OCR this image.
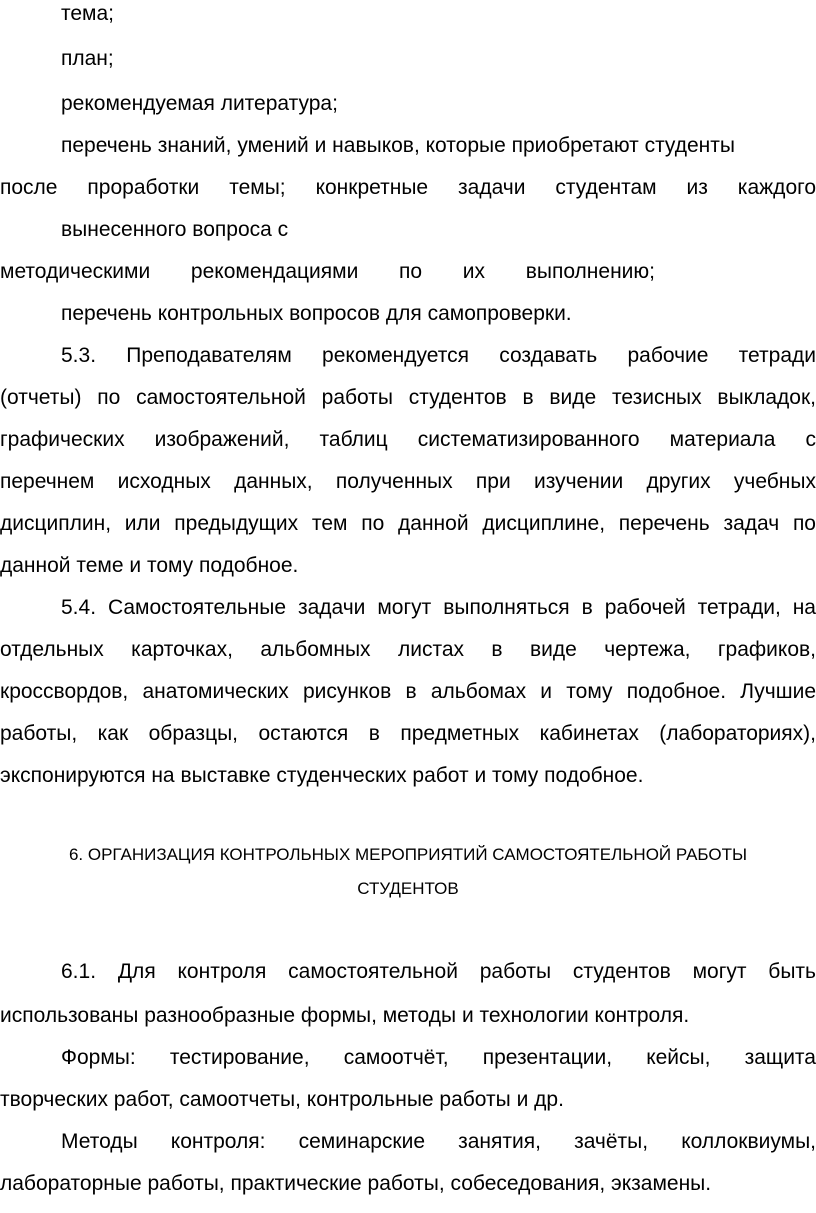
тема;
план;
рекомендуемая литература;
перечень знаний, умений и навыков, которые приобретают студенты
после проработки темы; конкретные задачи студентам из каждого
вынесенного вопроса с
методическими рекомендациями по их выполнению;
перечень контрольных вопросов для самопроверки.
5.3. Преподавателям рекомендуется создавать рабочие тетради
(отчеты) по самостоятельной работы студентов в виде тезисных выкладок,
графических изображений, таблиц систематизированного материала с
перечнем исходных данных, полученных при изучении других учебных
дисциплин, или предыдущих тем по данной дисциплине, перечень задач по
данной теме и тому подобное.
5.4. Самостоятельные задачи могут выполняться в рабочей тетради, на
отдельных карточках, альбомных листах в виде чертежа, графиков,
кроссвордов, анатомических рисунков в альбомах и тому подобное. Лучшие
работы, как образцы, остаются в предметных кабинетах (лабораториях),
экспонируются на выставке студенческих работ и тому подобное.
6. ОРГАНИЗАЦИЯ КОНТРОЛЬНЫХ МЕРОПРИЯТИЙ САМОСТОЯТЕЛЬНОЙ РАБОТЫ
СТУДЕНТОВ
6.1. Для контроля самостоятельной работы студентов могут быть
использованы разнообразные формы, методы и технологии контроля.
Формы: тестирование, самоотчёт, презентации, кейсы, защита
творческих работ, самоотчеты, контрольные работы и др.
Методы контроля: семинарские занятия, зачёты, коллоквиумы,
лабораторные работы, практические работы, собеседования, экзамены.
